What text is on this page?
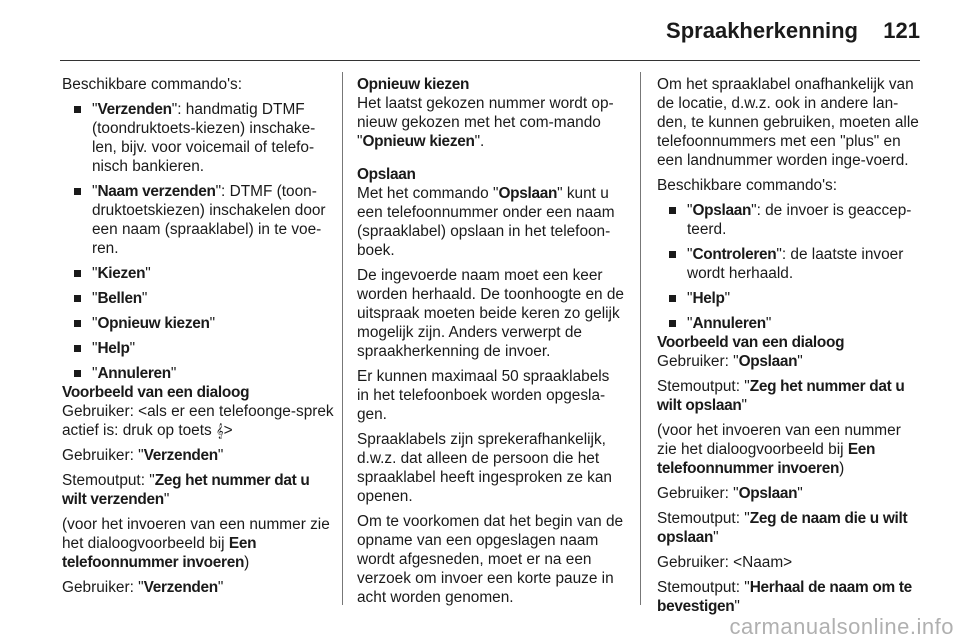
Spraakherkenning 121

Beschikbare commando's:

"Verzenden": handmatig DTMF (toondruktoets-kiezen) inschake-len, bijv. voor voicemail of telefo-nisch bankieren.
"Naam verzenden": DTMF (toon-druktoetskiezen) inschakelen door een naam (spraaklabel) in te voe-ren.
"Kiezen"
"Bellen"
"Opnieuw kiezen"
"Help"
"Annuleren"
Voorbeeld van een dialoog

Gebruiker: <als er een telefoonge-sprek actief is: druk op toets 𝄞>

Gebruiker: "Verzenden"

Stemoutput: "Zeg het nummer dat u wilt verzenden"

(voor het invoeren van een nummer zie het dialoogvoorbeeld bij Een telefoonnummer invoeren)

Gebruiker: "Verzenden"

Opnieuw kiezen

Het laatst gekozen nummer wordt op-nieuw gekozen met het com-mando "Opnieuw kiezen".

Opslaan

Met het commando "Opslaan" kunt u een telefoonnummer onder een naam (spraaklabel) opslaan in het telefoon-boek.

De ingevoerde naam moet een keer worden herhaald. De toonhoogte en de uitspraak moeten beide keren zo gelijk mogelijk zijn. Anders verwerpt de spraakherkenning de invoer.

Er kunnen maximaal 50 spraaklabels in het telefoonboek worden opgesla-gen.

Spraaklabels zijn sprekerafhankelijk, d.w.z. dat alleen de persoon die het spraaklabel heeft ingesproken ze kan openen.

Om te voorkomen dat het begin van de opname van een opgeslagen naam wordt afgesneden, moet er na een verzoek om invoer een korte pauze in acht worden genomen.

Om het spraaklabel onafhankelijk van de locatie, d.w.z. ook in andere lan-den, te kunnen gebruiken, moeten alle telefoonnummers met een "plus" en een landnummer worden inge-voerd.

Beschikbare commando's:

"Opslaan": de invoer is geaccep-teerd.
"Controleren": de laatste invoer wordt herhaald.
"Help"
"Annuleren"
Voorbeeld van een dialoog

Gebruiker: "Opslaan"

Stemoutput: "Zeg het nummer dat u wilt opslaan"

(voor het invoeren van een nummer zie het dialoogvoorbeeld bij Een telefoonnummer invoeren)

Gebruiker: "Opslaan"

Stemoutput: "Zeg de naam die u wilt opslaan"

Gebruiker: <Naam>

Stemoutput: "Herhaal de naam om te bevestigen"

carmanualsonline.info
